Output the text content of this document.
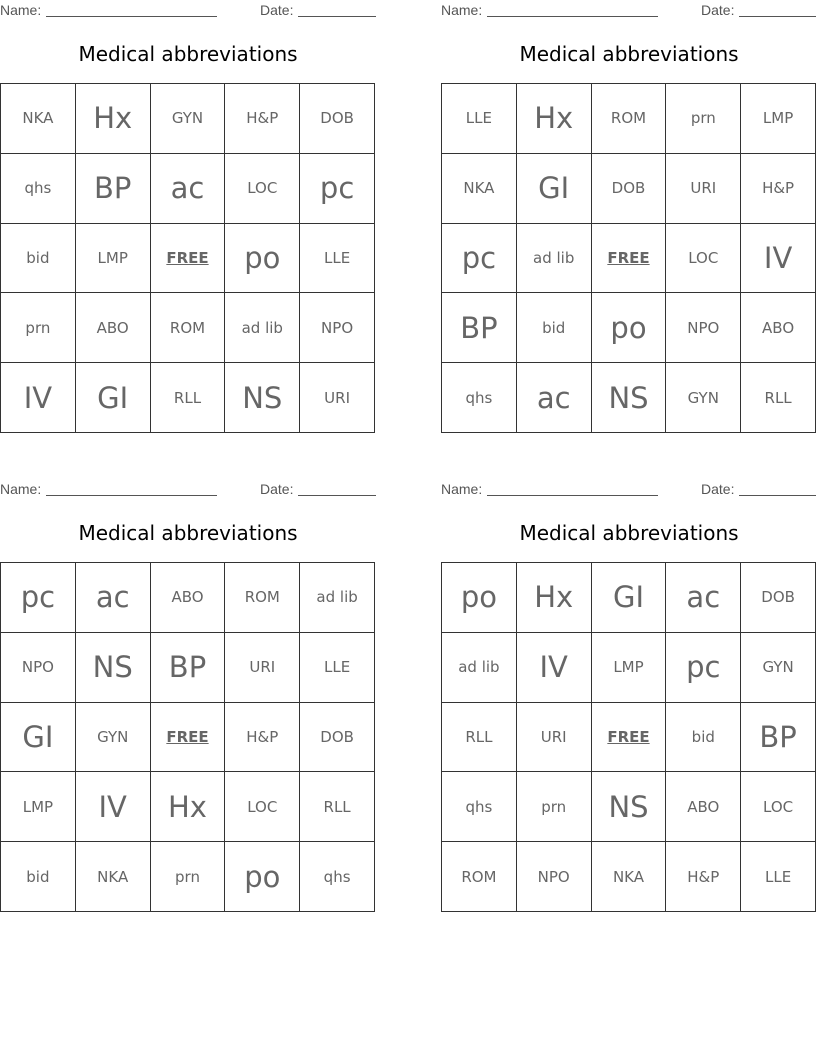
Name:	Date:
Medical abbreviations
NKA	Hx	GYN	H&P	DOB
qhs	BP	ac	LOC	pc
bid	LMP	FREE	po	LLE
prn	ABO	ROM	ad lib	NPO
IV	GI	RLL	NS	URI
Name:	Date:
Medical abbreviations
LLE	Hx	ROM	prn	LMP
NKA	GI	DOB	URI	H&P
pc	ad lib	FREE	LOC	IV
BP	bid	po	NPO	ABO
qhs	ac	NS	GYN	RLL
Name:	Date:
Medical abbreviations
pc	ac	ABO	ROM	ad lib
NPO	NS	BP	URI	LLE
GI	GYN	FREE	H&P	DOB
LMP	IV	Hx	LOC	RLL
bid	NKA	prn	po	qhs
Name:	Date:
Medical abbreviations
po	Hx	GI	ac	DOB
ad lib	IV	LMP	pc	GYN
RLL	URI	FREE	bid	BP
qhs	prn	NS	ABO	LOC
ROM	NPO	NKA	H&P	LLE
